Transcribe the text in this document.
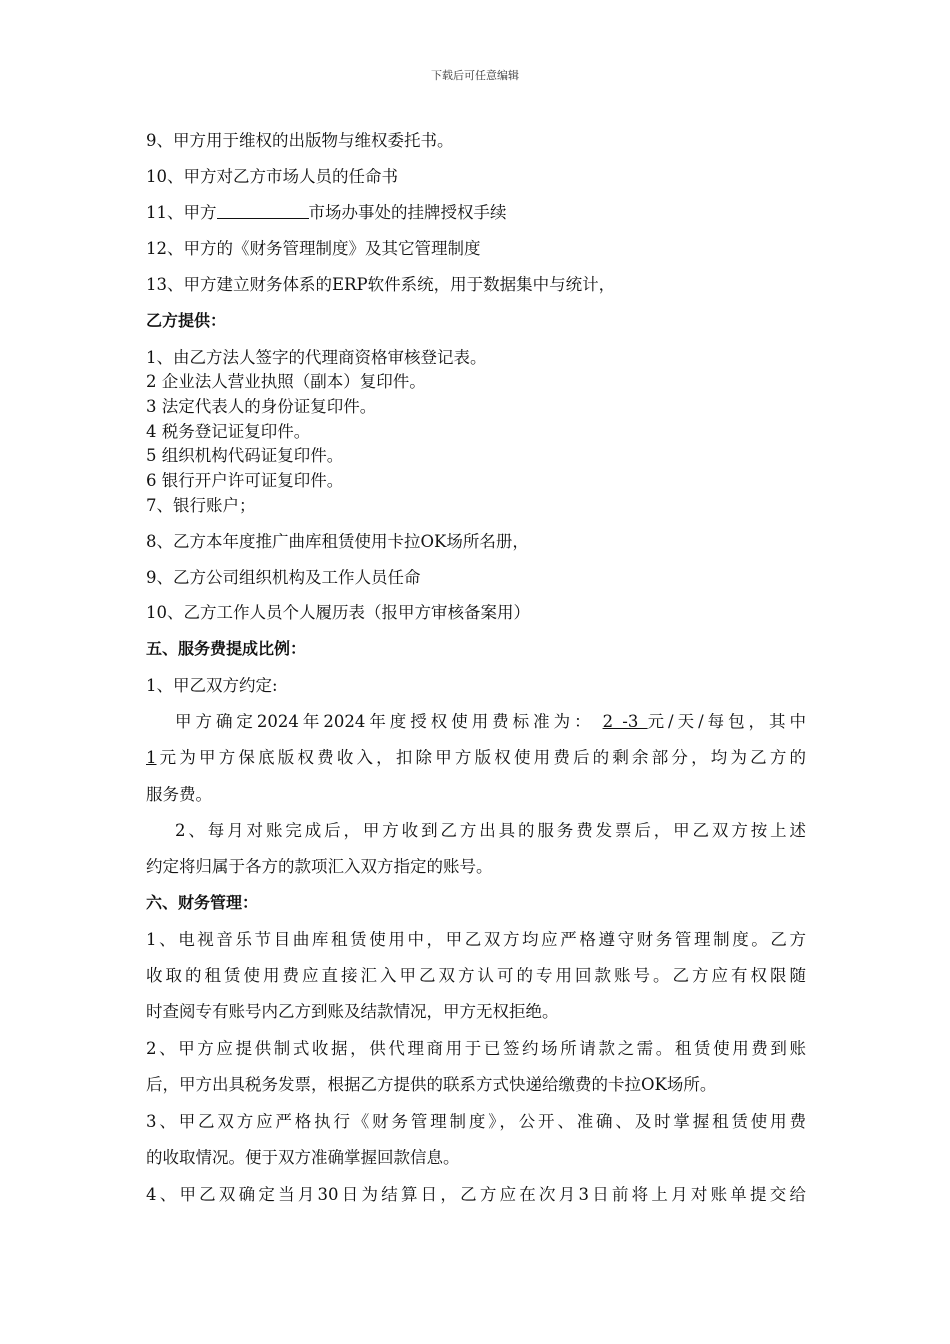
下载后可任意编辑
9、甲方用于维权的出版物与维权委托书。
10、甲方对乙方市场人员的任命书
11、甲方	市场办事处的挂牌授权手续
12、甲方的《财务管理制度》及其它管理制度
13、甲方建立财务体系的ERP软件系统，用于数据集中与统计，
乙方提供：
1、由乙方法人签字的代理商资格审核登记表。
2 企业法人营业执照（副本）复印件。
3 法定代表人的身份证复印件。
4 税务登记证复印件。
5 组织机构代码证复印件。
6 银行开户许可证复印件。
7、银行账户；
8、乙方本年度推广曲库租赁使用卡拉OK场所名册，
9、乙方公司组织机构及工作人员任命
10、乙方工作人员个人履历表（报甲方审核备案用）
五、服务费提成比例：
1、甲乙双方约定:
甲方确定2024年2024年度授权使用费标准为： 2 -3 元/天/每包，其中
1元为甲方保底版权费收入，扣除甲方版权使用费后的剩余部分，均为乙方的
服务费。
2、每月对账完成后，甲方收到乙方出具的服务费发票后，甲乙双方按上述
约定将归属于各方的款项汇入双方指定的账号。
六、财务管理：
1、电视音乐节目曲库租赁使用中，甲乙双方均应严格遵守财务管理制度。乙方
收取的租赁使用费应直接汇入甲乙双方认可的专用回款账号。乙方应有权限随
时查阅专有账号内乙方到账及结款情况，甲方无权拒绝。
2、甲方应提供制式收据，供代理商用于已签约场所请款之需。租赁使用费到账
后，甲方出具税务发票，根据乙方提供的联系方式快递给缴费的卡拉OK场所。
3、甲乙双方应严格执行《财务管理制度》，公开、准确、及时掌握租赁使用费
的收取情况。便于双方准确掌握回款信息。
4、甲乙双确定当月30日为结算日，乙方应在次月3日前将上月对账单提交给
